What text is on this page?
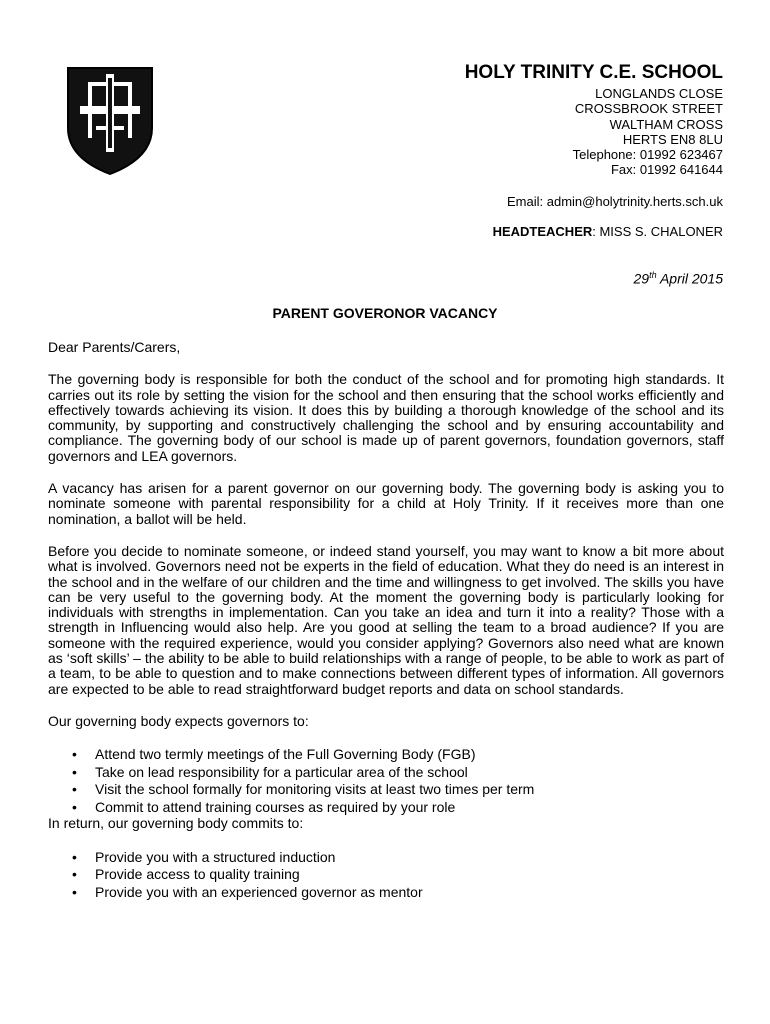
HOLY TRINITY C.E. SCHOOL
LONGLANDS CLOSE
CROSSBROOK STREET
WALTHAM CROSS
HERTS EN8 8LU
Telephone: 01992 623467
Fax: 01992 641644
Email: admin@holytrinity.herts.sch.uk
HEADTEACHER: MISS S. CHALONER
29th April 2015
PARENT GOVERONOR VACANCY

Dear Parents/Carers,

The governing body is responsible for both the conduct of the school and for promoting high standards. It carries out its role by setting the vision for the school and then ensuring that the school works efficiently and effectively towards achieving its vision. It does this by building a thorough knowledge of the school and its community, by supporting and constructively challenging the school and by ensuring accountability and compliance. The governing body of our school is made up of parent governors, foundation governors, staff governors and LEA governors.

A vacancy has arisen for a parent governor on our governing body. The governing body is asking you to nominate someone with parental responsibility for a child at Holy Trinity. If it receives more than one nomination, a ballot will be held.

Before you decide to nominate someone, or indeed stand yourself, you may want to know a bit more about what is involved. Governors need not be experts in the field of education. What they do need is an interest in the school and in the welfare of our children and the time and willingness to get involved. The skills you have can be very useful to the governing body. At the moment the governing body is particularly looking for individuals with strengths in implementation. Can you take an idea and turn it into a reality? Those with a strength in Influencing would also help. Are you good at selling the team to a broad audience? If you are someone with the required experience, would you consider applying? Governors also need what are known as ‘soft skills’ – the ability to be able to build relationships with a range of people, to be able to work as part of a team, to be able to question and to make connections between different types of information. All governors are expected to be able to read straightforward budget reports and data on school standards.

Our governing body expects governors to:

• Attend two termly meetings of the Full Governing Body (FGB)
• Take on lead responsibility for a particular area of the school
• Visit the school formally for monitoring visits at least two times per term
• Commit to attend training courses as required by your role

In return, our governing body commits to:

• Provide you with a structured induction
• Provide access to quality training
• Provide you with an experienced governor as mentor
